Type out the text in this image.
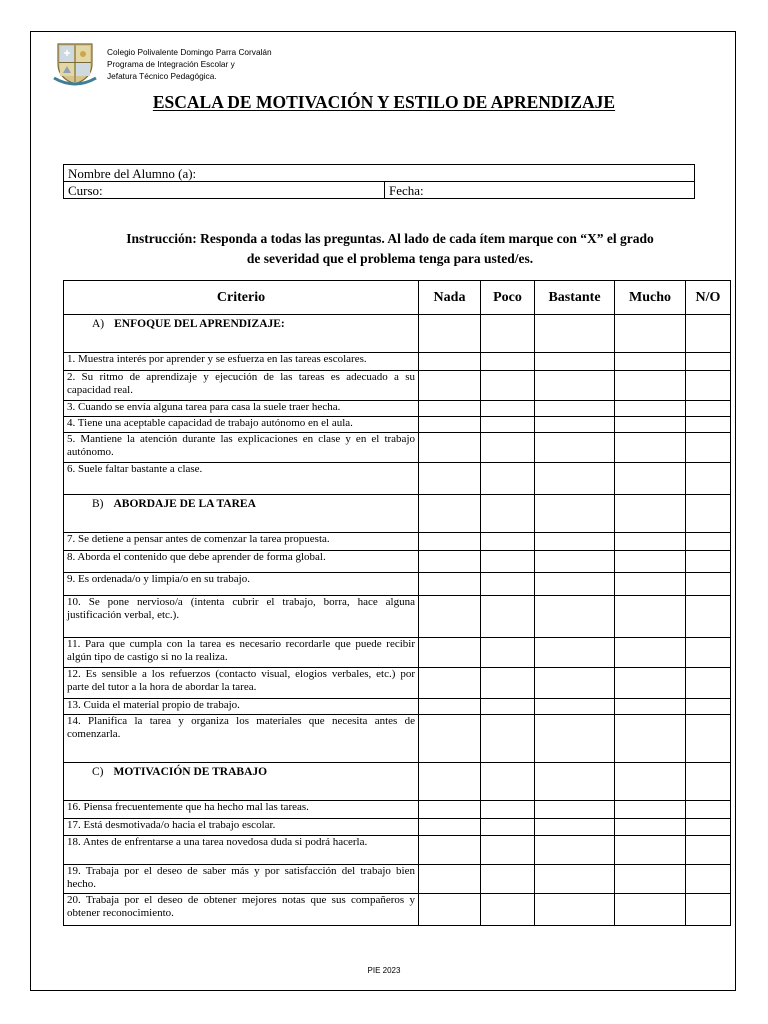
Colegio Polivalente Domingo Parra Corvalán
Programa de Integración Escolar y
Jefatura Técnico Pedagógica.
ESCALA DE MOTIVACIÓN Y ESTILO DE APRENDIZAJE
Nombre del Alumno (a):
Curso:	Fecha:
Instrucción: Responda a todas las preguntas. Al lado de cada ítem marque con “X” el grado
de severidad que el problema tenga para usted/es.
Criterio	Nada	Poco	Bastante	Mucho	N/O
A) ENFOQUE DEL APRENDIZAJE:					
1. Muestra interés por aprender y se esfuerza en las tareas escolares.					
2. Su ritmo de aprendizaje y ejecución de las tareas es adecuado a su capacidad real.					
3. Cuando se envía alguna tarea para casa la suele traer hecha.					
4. Tiene una aceptable capacidad de trabajo autónomo en el aula.					
5. Mantiene la atención durante las explicaciones en clase y en el trabajo autónomo.					
6. Suele faltar bastante a clase.					
B) ABORDAJE DE LA TAREA					
7. Se detiene a pensar antes de comenzar la tarea propuesta.					
8. Aborda el contenido que debe aprender de forma global.					
9. Es ordenada/o y limpia/o en su trabajo.					
10. Se pone nervioso/a (intenta cubrir el trabajo, borra, hace alguna justificación verbal, etc.).					
11. Para que cumpla con la tarea es necesario recordarle que puede recibir algún tipo de castigo si no la realiza.					
12. Es sensible a los refuerzos (contacto visual, elogios verbales, etc.) por parte del tutor a la hora de abordar la tarea.					
13. Cuida el material propio de trabajo.					
14. Planifica la tarea y organiza los materiales que necesita antes de comenzarla.					
C) MOTIVACIÓN DE TRABAJO					
16. Piensa frecuentemente que ha hecho mal las tareas.					
17. Está desmotivada/o hacia el trabajo escolar.					
18. Antes de enfrentarse a una tarea novedosa duda si podrá hacerla.					
19. Trabaja por el deseo de saber más y por satisfacción del trabajo bien hecho.					
20. Trabaja por el deseo de obtener mejores notas que sus compañeros y obtener reconocimiento.					
PIE 2023
